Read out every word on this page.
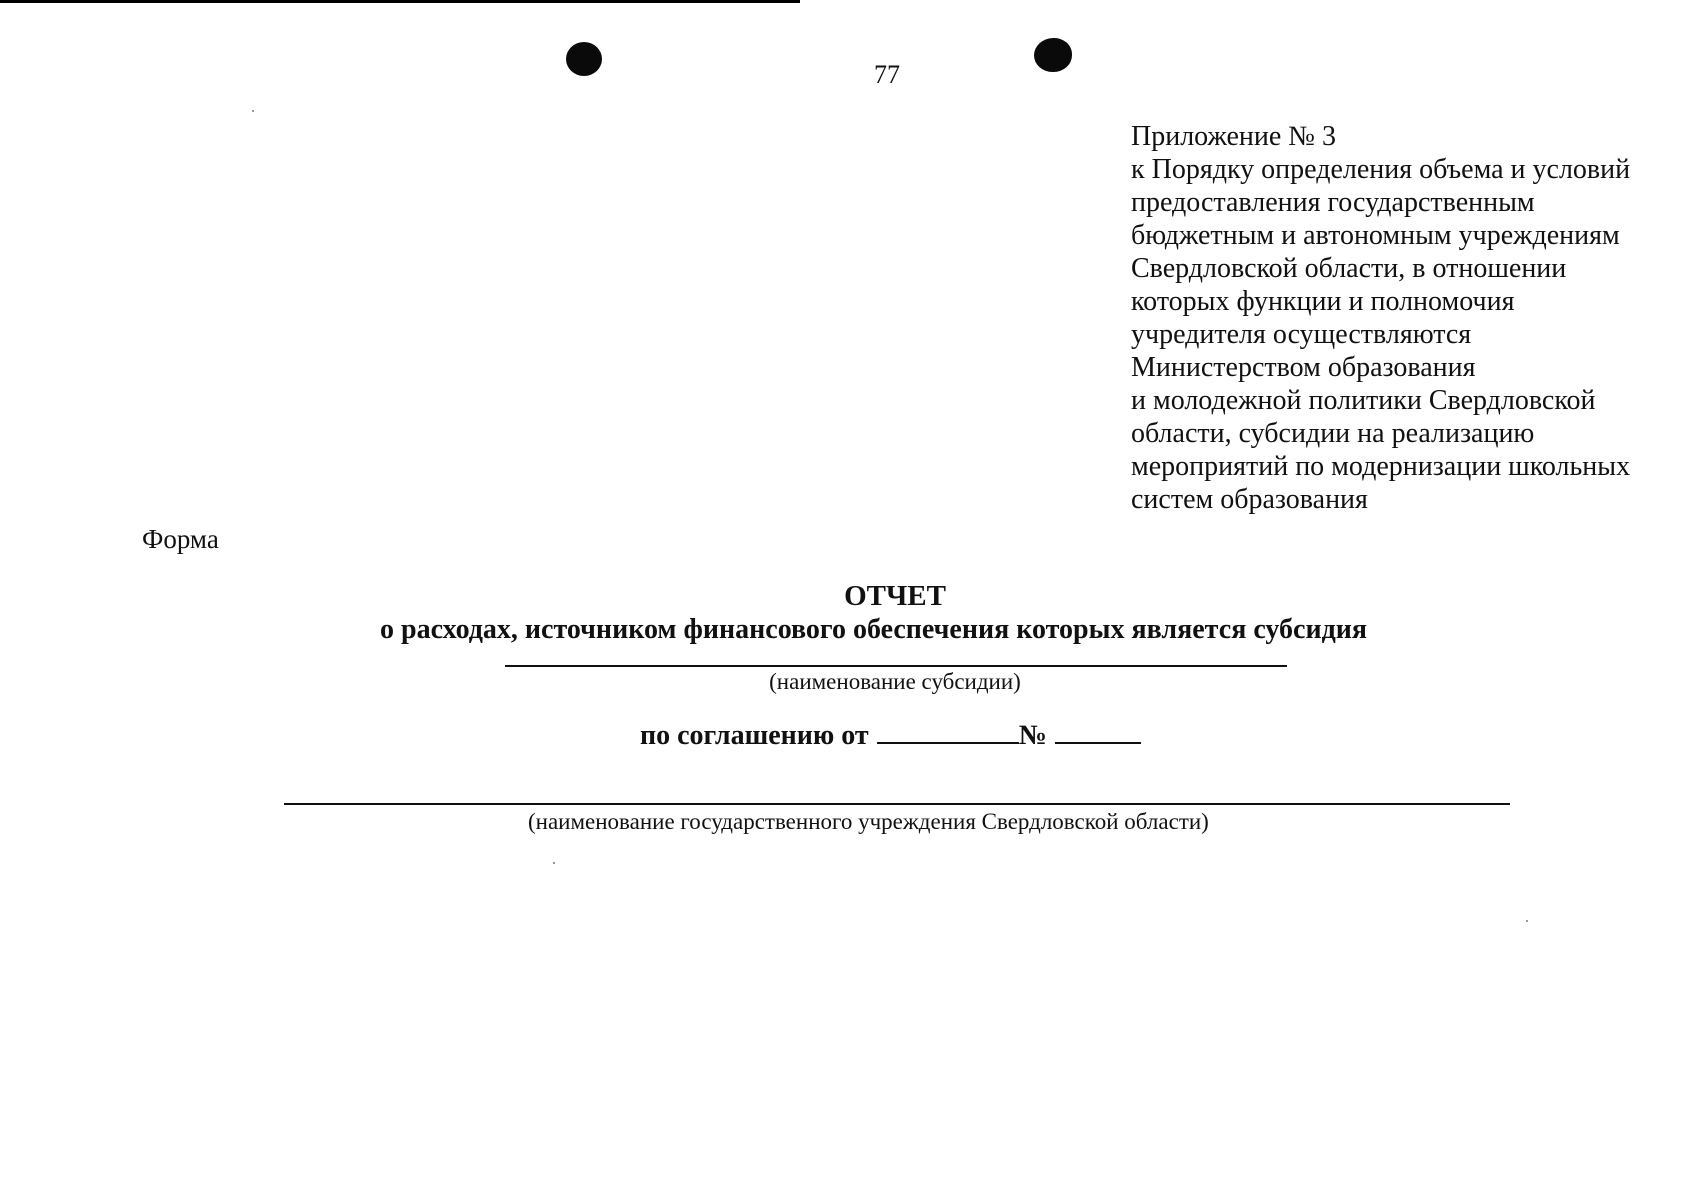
77
Приложение № 3
к Порядку определения объема и условий
предоставления государственным
бюджетным и автономным учреждениям
Свердловской области, в отношении
которых функции и полномочия
учредителя осуществляются
Министерством образования
и молодежной политики Свердловской
области, субсидии на реализацию
мероприятий по модернизации школьных
систем образования
Форма
ОТЧЕТ
о расходах, источником финансового обеспечения которых является субсидия
(наименование субсидии)
по соглашению от	№
(наименование государственного учреждения Свердловской области)
